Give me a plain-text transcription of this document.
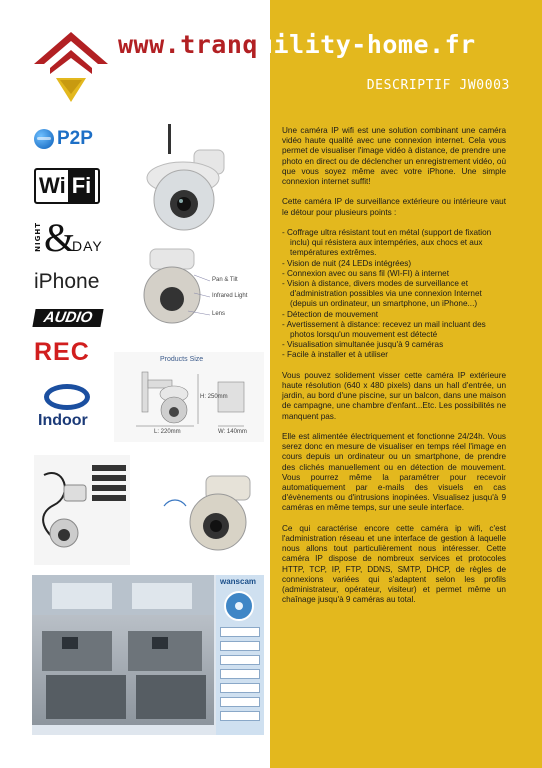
www.tranquility-home.fr
DESCRIPTIF JW0003
P2P
Wi Fi
NIGHT &
DAY
iPhone
AUDIO
REC
Indoor
Pan & Tilt
Infrared Light
Lens
Products Size
H: 250mm
L: 220mm	W: 140mm
wanscam

Une caméra IP wifi est une solution combinant une caméra vidéo haute qualité avec une connexion internet. Cela vous permet de visualiser l'image vidéo à distance, de prendre une photo en direct ou de déclencher un enregistrement vidéo, où que vous soyez même avec votre iPhone. Une simple connexion internet suffit!

Cette caméra IP de surveillance extérieure ou intérieure vaut le détour pour plusieurs points :

- Coffrage ultra résistant tout en métal (support de fixation inclu) qui résistera aux intempéries, aux chocs et aux températures extrêmes.
- Vision de nuit (24 LEDs intégrées)
- Connexion avec ou sans fil (WI-FI) à internet
- Vision à distance, divers modes de surveillance et d'administration possibles via une connexion Internet (depuis un ordinateur, un smartphone, un iPhone...)
- Détection de mouvement
- Avertissement à distance: recevez un mail incluant des photos lorsqu'un mouvement est détecté
- Visualisation simultanée jusqu'à 9 caméras
- Facile à installer et à utiliser

Vous pouvez solidement visser cette caméra IP extérieure haute résolution (640 x 480 pixels) dans un hall d'entrée, un jardin, au bord d'une piscine, sur un balcon, dans une maison de campagne, une chambre d'enfant...Etc. Les possibilités ne manquent pas.

Elle est alimentée électriquement et fonctionne 24/24h. Vous serez donc en mesure de visualiser en temps réel l'image en cours depuis un ordinateur ou un smartphone, de prendre des clichés manuellement ou en détection de mouvement. Vous pourrez même la paramétrer pour recevoir automatiquement par e-mails des visuels en cas d'évènements ou d'intrusions inopinées. Visualisez jusqu'à 9 caméras en même temps, sur une seule interface.

Ce qui caractérise encore cette caméra ip wifi, c'est l'administration réseau et une interface de gestion à laquelle nous allons tout particulièrement nous intéresser. Cette caméra IP dispose de nombreux services et protocoles HTTP, TCP, IP, FTP, DDNS, SMTP, DHCP, de règles de connexions variées qui s'adaptent selon les profils (administrateur, opérateur, visiteur) et permet même un chaînage jusqu'à 9 caméras au total.
